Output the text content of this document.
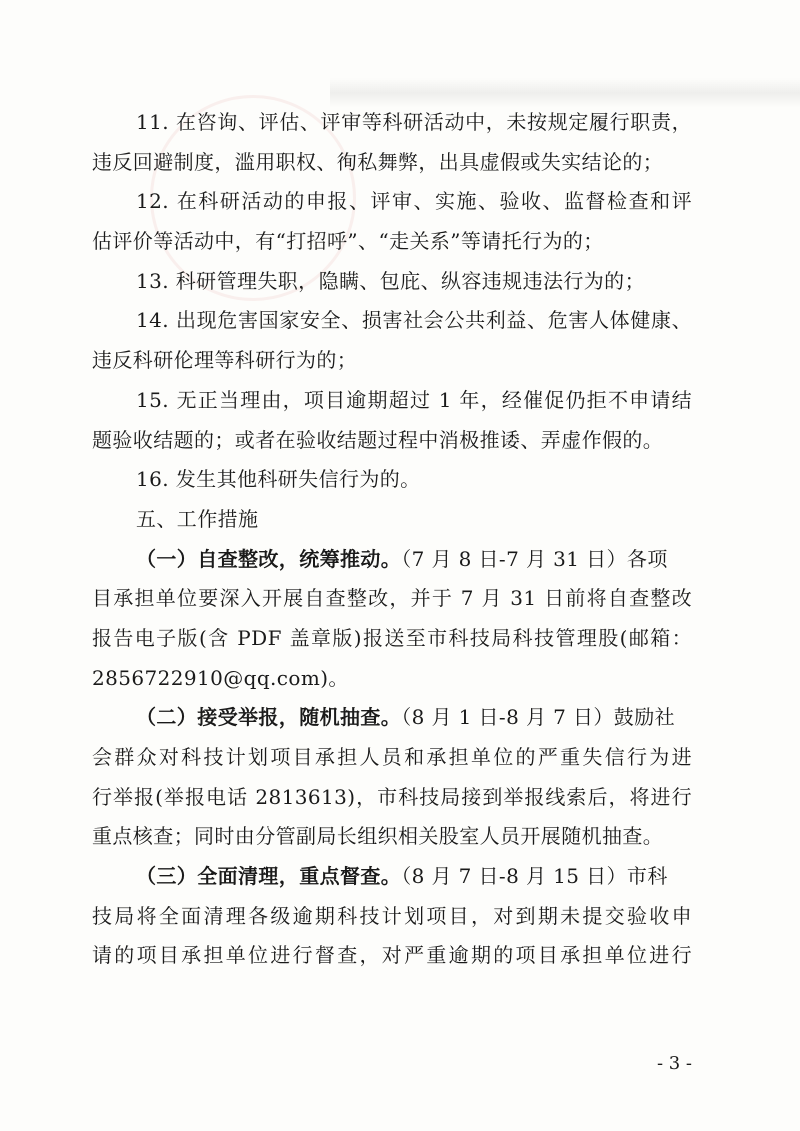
11. 在咨询、评估、评审等科研活动中，未按规定履行职责，
违反回避制度，滥用职权、徇私舞弊，出具虚假或失实结论的；
12. 在科研活动的申报、评审、实施、验收、监督检查和评
估评价等活动中，有“打招呼”、“走关系”等请托行为的；
13. 科研管理失职，隐瞒、包庇、纵容违规违法行为的；
14. 出现危害国家安全、损害社会公共利益、危害人体健康、
违反科研伦理等科研行为的；
15. 无正当理由，项目逾期超过 1 年，经催促仍拒不申请结
题验收结题的；或者在验收结题过程中消极推诿、弄虚作假的。
16. 发生其他科研失信行为的。
五、工作措施
（一）自查整改，统筹推动。（7 月 8 日-7 月 31 日）各项
目承担单位要深入开展自查整改，并于 7 月 31 日前将自查整改
报告电子版(含 PDF 盖章版)报送至市科技局科技管理股(邮箱：
2856722910@qq.com)。
（二）接受举报，随机抽查。（8 月 1 日-8 月 7 日）鼓励社
会群众对科技计划项目承担人员和承担单位的严重失信行为进
行举报(举报电话 2813613)，市科技局接到举报线索后，将进行
重点核查；同时由分管副局长组织相关股室人员开展随机抽查。
（三）全面清理，重点督查。（8 月 7 日-8 月 15 日）市科
技局将全面清理各级逾期科技计划项目，对到期未提交验收申
请的项目承担单位进行督查，对严重逾期的项目承担单位进行
- 3 -
